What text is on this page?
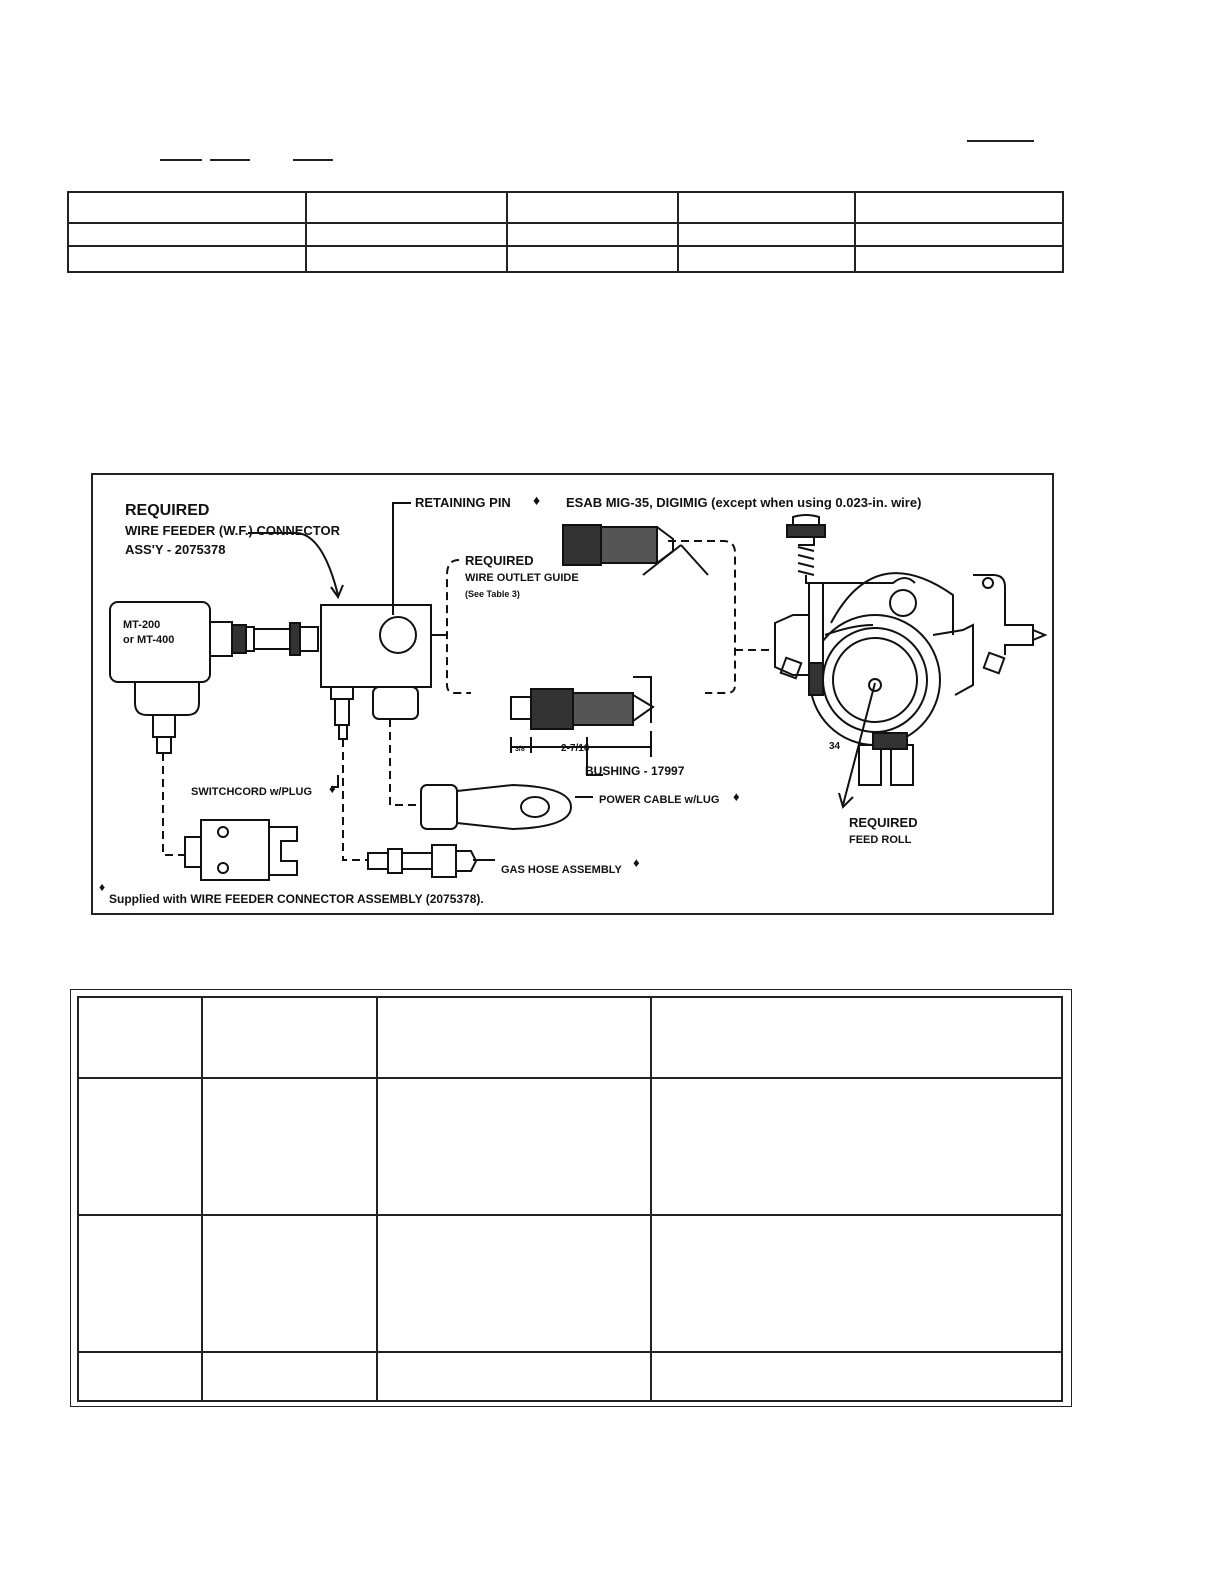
REQUIRED
WIRE FEEDER (W.F.) CONNECTOR
ASS'Y - 2075378
RETAINING PIN ♦ ESAB MIG-35, DIGIMIG (except when using 0.023-in. wire)
REQUIRED
WIRE OUTLET GUIDE
(See Table 3)
MT-200
or MT-400
3/8	2-7/16
BUSHING - 17997
SWITCHCORD w/PLUG ♦
POWER CABLE w/LUG ♦
GAS HOSE ASSEMBLY ♦
34
REQUIRED
FEED ROLL
♦
Supplied with WIRE FEEDER CONNECTOR ASSEMBLY (2075378).
